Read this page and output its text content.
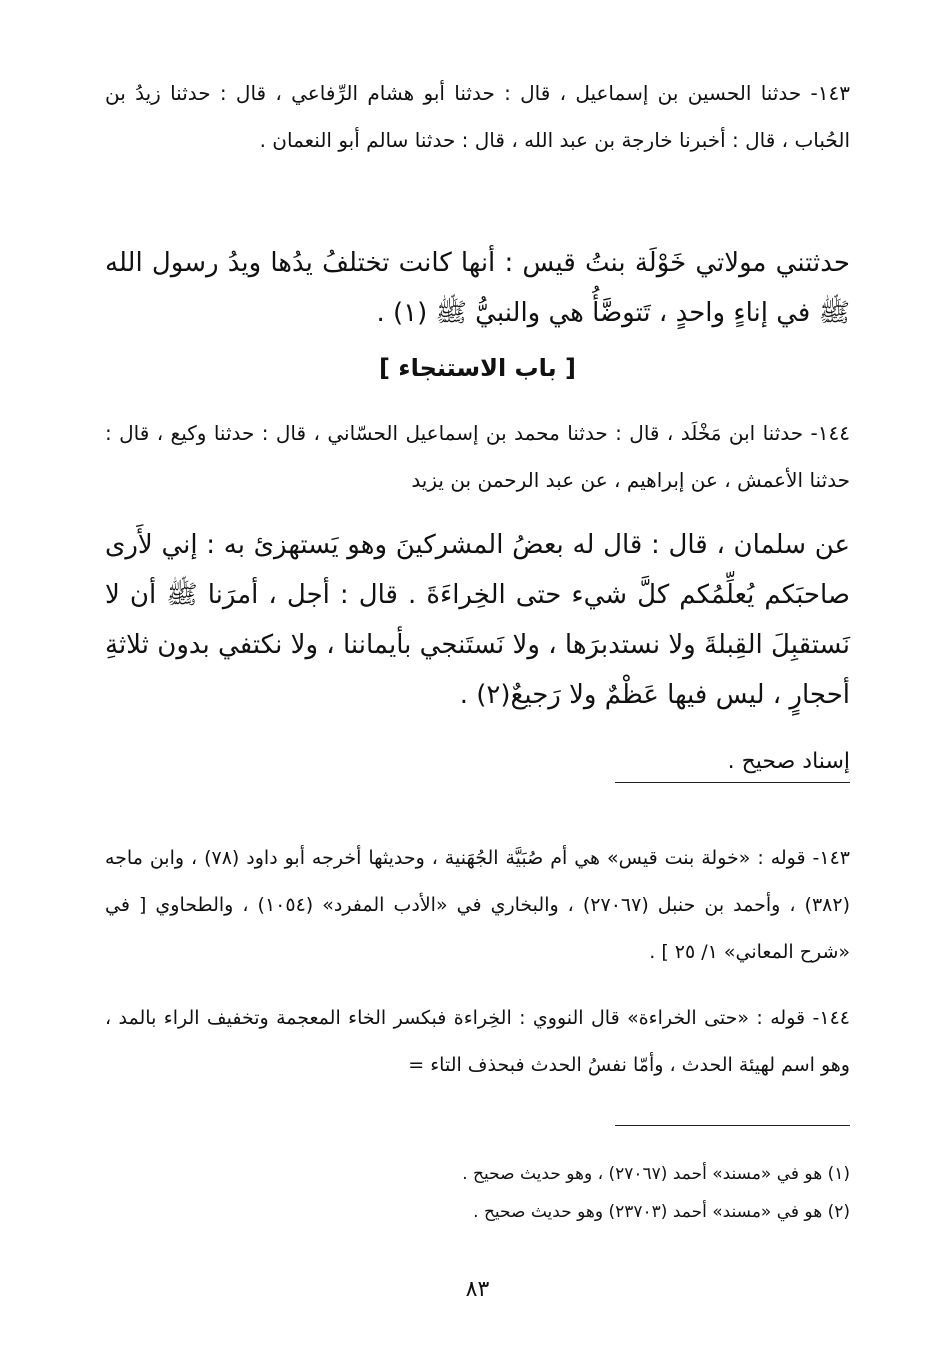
١٤٣- حدثنا الحسين بن إسماعيل ، قال : حدثنا أبو هشام الرِّفاعي ، قال : حدثنا زيدُ بن الحُباب ، قال : أخبرنا خارجة بن عبد الله ، قال : حدثنا سالم أبو النعمان .

حدثتني مولاتي خَوْلَة بنتُ قيس : أنها كانت تختلفُ يدُها ويدُ رسول الله ﷺ في إناءٍ واحدٍ ، تَتوضَّأُ هي والنبيُّ ﷺ (١) .

[ باب الاستنجاء ]

١٤٤- حدثنا ابن مَخْلَد ، قال : حدثنا محمد بن إسماعيل الحسّاني ، قال : حدثنا وكيع ، قال : حدثنا الأعمش ، عن إبراهيم ، عن عبد الرحمن بن يزيد

عن سلمان ، قال : قال له بعضُ المشركينَ وهو يَستهزئ به : إني لأَرى صاحبَكم يُعلِّمُكم كلَّ شيء حتى الخِراءَةَ . قال : أجل ، أمرَنا ﷺ أن لا نَستقبِلَ القِبلةَ ولا نستدبرَها ، ولا نَستَنجي بأيماننا ، ولا نكتفي بدون ثلاثةِ أحجارٍ ، ليس فيها عَظْمٌ ولا رَجيعٌ(٢) .

إسناد صحيح .

١٤٣- قوله : «خولة بنت قيس» هي أم صُبَيَّة الجُهَنية ، وحديثها أخرجه أبو داود (٧٨) ، وابن ماجه (٣٨٢) ، وأحمد بن حنبل (٢٧٠٦٧) ، والبخاري في «الأدب المفرد» (١٠٥٤) ، والطحاوي [ في «شرح المعاني» ١/ ٢٥ ] .

١٤٤- قوله : «حتى الخراءة» قال النووي : الخِراءة فبكسر الخاء المعجمة وتخفيف الراء بالمد ، وهو اسم لهيئة الحدث ، وأمّا نفسُ الحدث فبحذف التاء =

(١) هو في «مسند» أحمد (٢٧٠٦٧) ، وهو حديث صحيح .

(٢) هو في «مسند» أحمد (٢٣٧٠٣) وهو حديث صحيح .

٨٣
